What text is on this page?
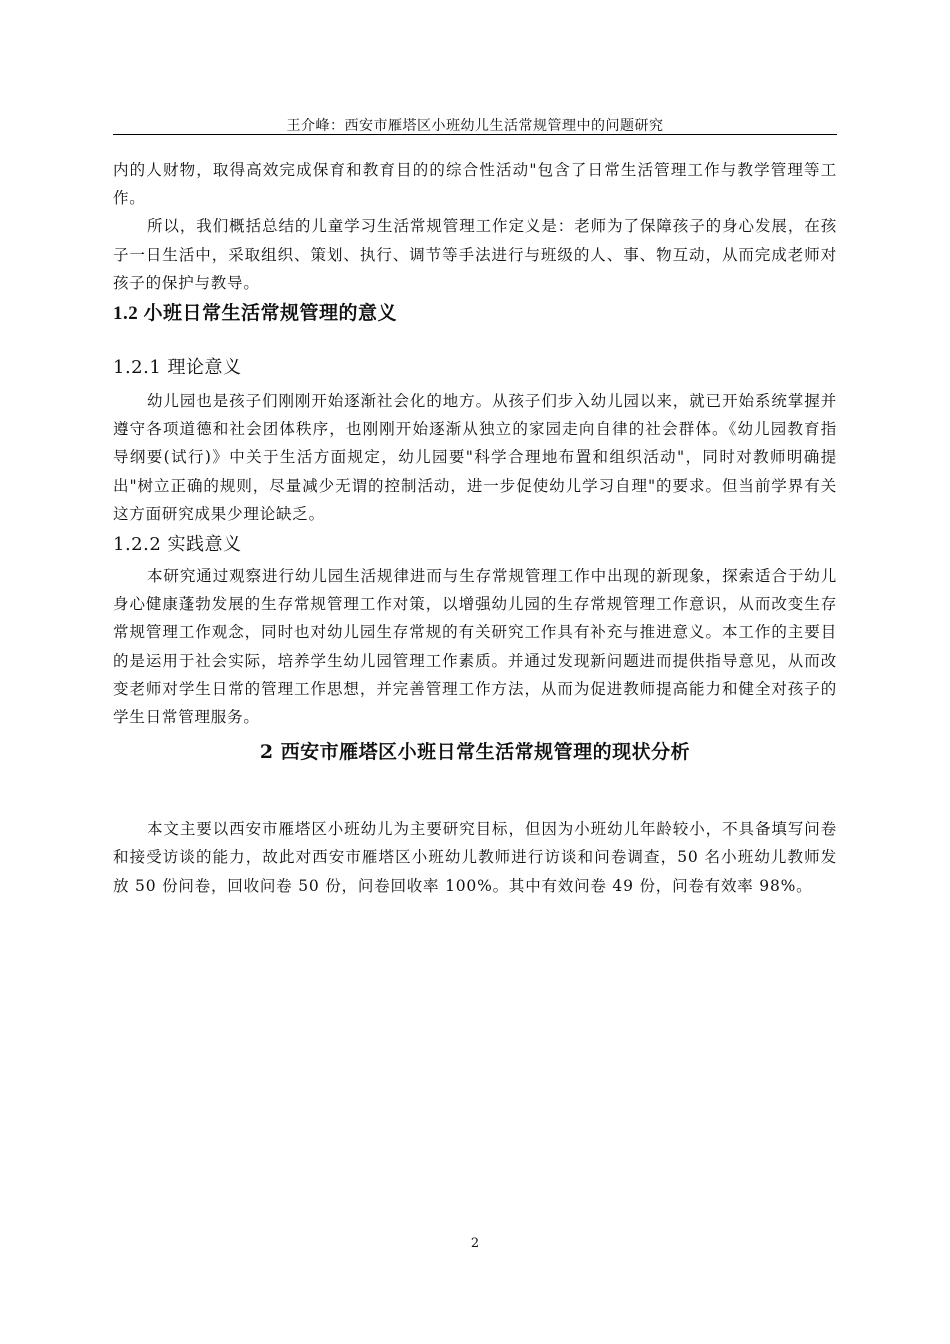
王介峰：西安市雁塔区小班幼儿生活常规管理中的问题研究

内的人财物，取得高效完成保育和教育目的的综合性活动"包含了日常生活管理工作与教学管理等工作。

所以，我们概括总结的儿童学习生活常规管理工作定义是：老师为了保障孩子的身心发展，在孩子一日生活中，采取组织、策划、执行、调节等手法进行与班级的人、事、物互动，从而完成老师对孩子的保护与教导。

1.2 小班日常生活常规管理的意义
1.2.1 理论意义

幼儿园也是孩子们刚刚开始逐渐社会化的地方。从孩子们步入幼儿园以来，就已开始系统掌握并遵守各项道德和社会团体秩序，也刚刚开始逐渐从独立的家园走向自律的社会群体。《幼儿园教育指导纲要(试行)》中关于生活方面规定，幼儿园要"科学合理地布置和组织活动"，同时对教师明确提出"树立正确的规则，尽量减少无谓的控制活动，进一步促使幼儿学习自理"的要求。但当前学界有关这方面研究成果少理论缺乏。

1.2.2 实践意义

本研究通过观察进行幼儿园生活规律进而与生存常规管理工作中出现的新现象，探索适合于幼儿身心健康蓬勃发展的生存常规管理工作对策，以增强幼儿园的生存常规管理工作意识，从而改变生存常规管理工作观念，同时也对幼儿园生存常规的有关研究工作具有补充与推进意义。本工作的主要目的是运用于社会实际，培养学生幼儿园管理工作素质。并通过发现新问题进而提供指导意见，从而改变老师对学生日常的管理工作思想，并完善管理工作方法，从而为促进教师提高能力和健全对孩子的学生日常管理服务。

2 西安市雁塔区小班日常生活常规管理的现状分析

本文主要以西安市雁塔区小班幼儿为主要研究目标，但因为小班幼儿年龄较小，不具备填写问卷和接受访谈的能力，故此对西安市雁塔区小班幼儿教师进行访谈和问卷调查，50 名小班幼儿教师发放 50 份问卷，回收问卷 50 份，问卷回收率 100%。其中有效问卷 49 份，问卷有效率 98%。

2
